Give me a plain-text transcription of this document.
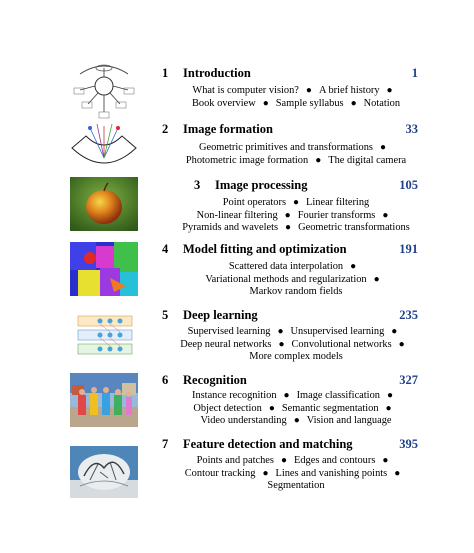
1 Introduction	1
What is computer vision? ● A brief history ●
Book overview ● Sample syllabus ● Notation
2 Image formation	33
Geometric primitives and transformations ●
Photometric image formation ● The digital camera
3 Image processing	105
Point operators ● Linear filtering
Non-linear filtering ● Fourier transforms ●
Pyramids and wavelets ● Geometric transformations
4 Model fitting and optimization	191
Scattered data interpolation ●
Variational methods and regularization ●
Markov random fields
5 Deep learning	235
Supervised learning ● Unsupervised learning ●
Deep neural networks ● Convolutional networks ●
More complex models
6 Recognition	327
Instance recognition ● Image classification ●
Object detection ● Semantic segmentation ●
Video understanding ● Vision and language
7 Feature detection and matching	395
Points and patches ● Edges and contours ●
Contour tracking ● Lines and vanishing points ●
Segmentation
